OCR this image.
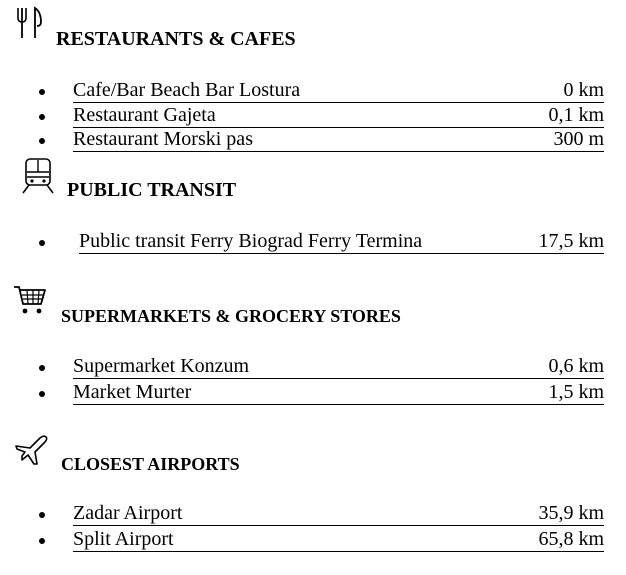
RESTAURANTS & CAFES
Cafe/Bar Beach Bar Lostura	0 km
Restaurant Gajeta	0,1 km
Restaurant Morski pas	300 m
PUBLIC TRANSIT
Public transit Ferry Biograd Ferry Termina	17,5 km
SUPERMARKETS & GROCERY STORES
Supermarket Konzum	0,6 km
Market Murter	1,5 km
CLOSEST AIRPORTS
Zadar Airport	35,9 km
Split Airport	65,8 km
